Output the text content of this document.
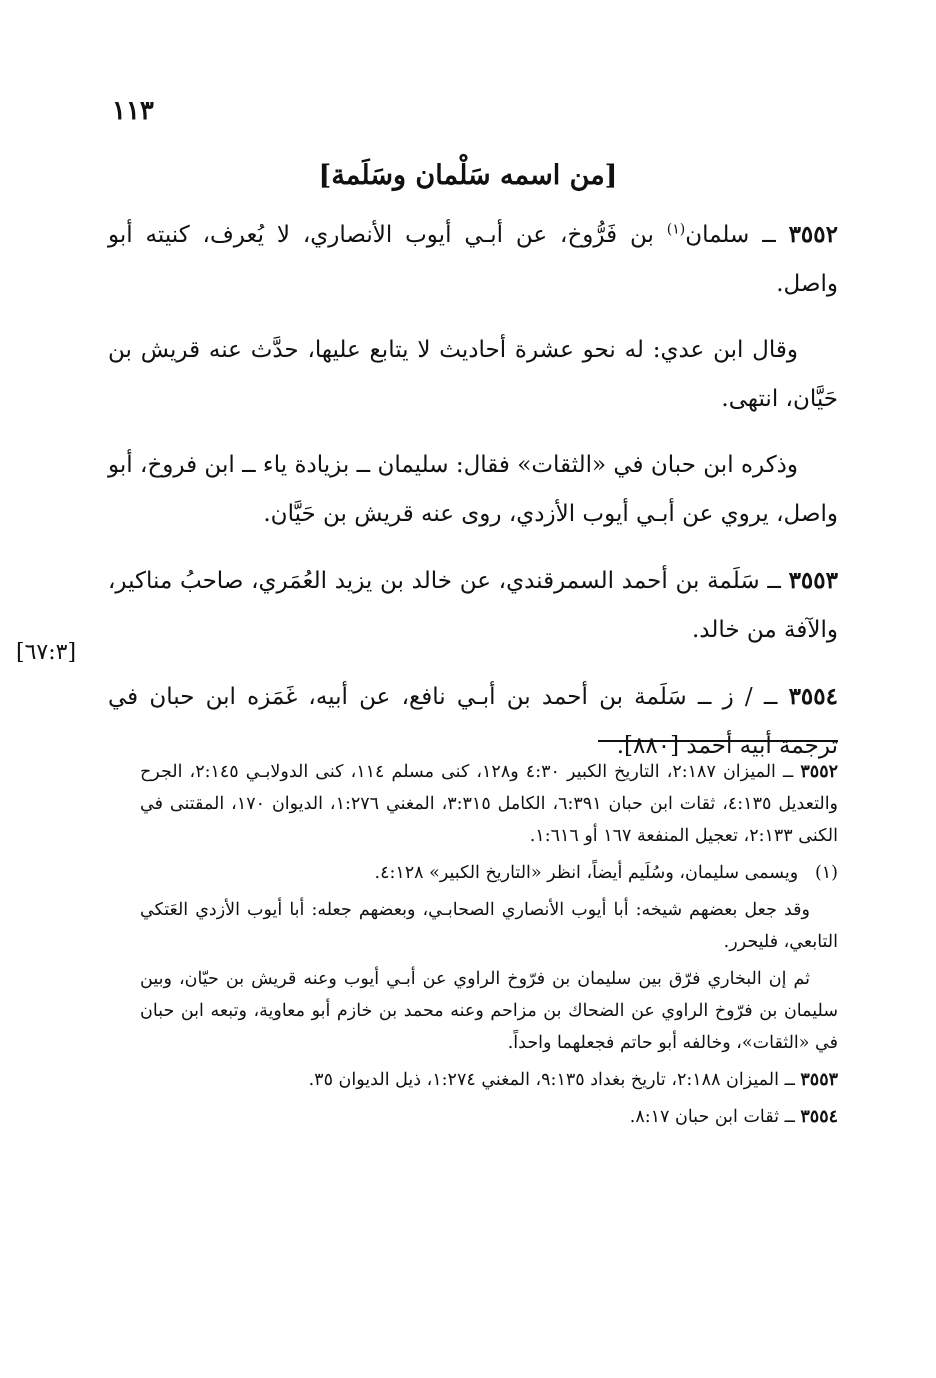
١١٣
[من اسمه سَلْمان وسَلَمة]

٣٥٥٢ ــ سلمان$^{(١)}$ بن فَرُّوخ، عن أبـي أيوب الأنصاري، لا يُعرف، كنيته أبو واصل.

وقال ابن عدي: له نحو عشرة أحاديث لا يتابع عليها، حدَّث عنه قريش بن حَيَّان، انتهى.

وذكره ابن حبان في «الثقات» فقال: سليمان ــ بزيادة ياء ــ ابن فروخ، أبو واصل، يروي عن أبـي أيوب الأزدي، روى عنه قريش بن حَيَّان.

٣٥٥٣ ــ سَلَمة بن أحمد السمرقندي، عن خالد بن يزيد العُمَري، صاحبُ مناكير، والآفة من خالد.

٣٥٥٤ ــ / ز ــ سَلَمة بن أحمد بن أبـي نافع، عن أبيه، غَمَزه ابن حبان في ترجمة أبيه أحمد [٨٨٠].

[٦٧:٣]

٣٥٥٢ ــ الميزان ٢:١٨٧، التاريخ الكبير ٤:٣٠ و١٢٨، كنى مسلم ١١٤، كنى الدولابـي ٢:١٤٥، الجرح والتعديل ٤:١٣٥، ثقات ابن حبان ٦:٣٩١، الكامل ٣:٣١٥، المغني ١:٢٧٦، الديوان ١٧٠، المقتنى في الكنى ٢:١٣٣، تعجيل المنفعة ١٦٧ أو ١:٦١٦.

(١)   ويسمى سليمان، وسُلَيم أيضاً، انظر «التاريخ الكبير» ٤:١٢٨.

وقد جعل بعضهم شيخه: أبا أيوب الأنصاري الصحابـي، وبعضهم جعله: أبا أيوب الأزدي العَتكي التابعي، فليحرر.

ثم إن البخاري فرّق بين سليمان بن فرّوخ الراوي عن أبـي أيوب وعنه قريش بن حيّان، وبين سليمان بن فرّوخ الراوي عن الضحاك بن مزاحم وعنه محمد بن خازم أبو معاوية، وتبعه ابن حبان في «الثقات»، وخالفه أبو حاتم فجعلهما واحداً.

٣٥٥٣ ــ الميزان ٢:١٨٨، تاريخ بغداد ٩:١٣٥، المغني ١:٢٧٤، ذيل الديوان ٣٥.

٣٥٥٤ ــ ثقات ابن حبان ٨:١٧.
